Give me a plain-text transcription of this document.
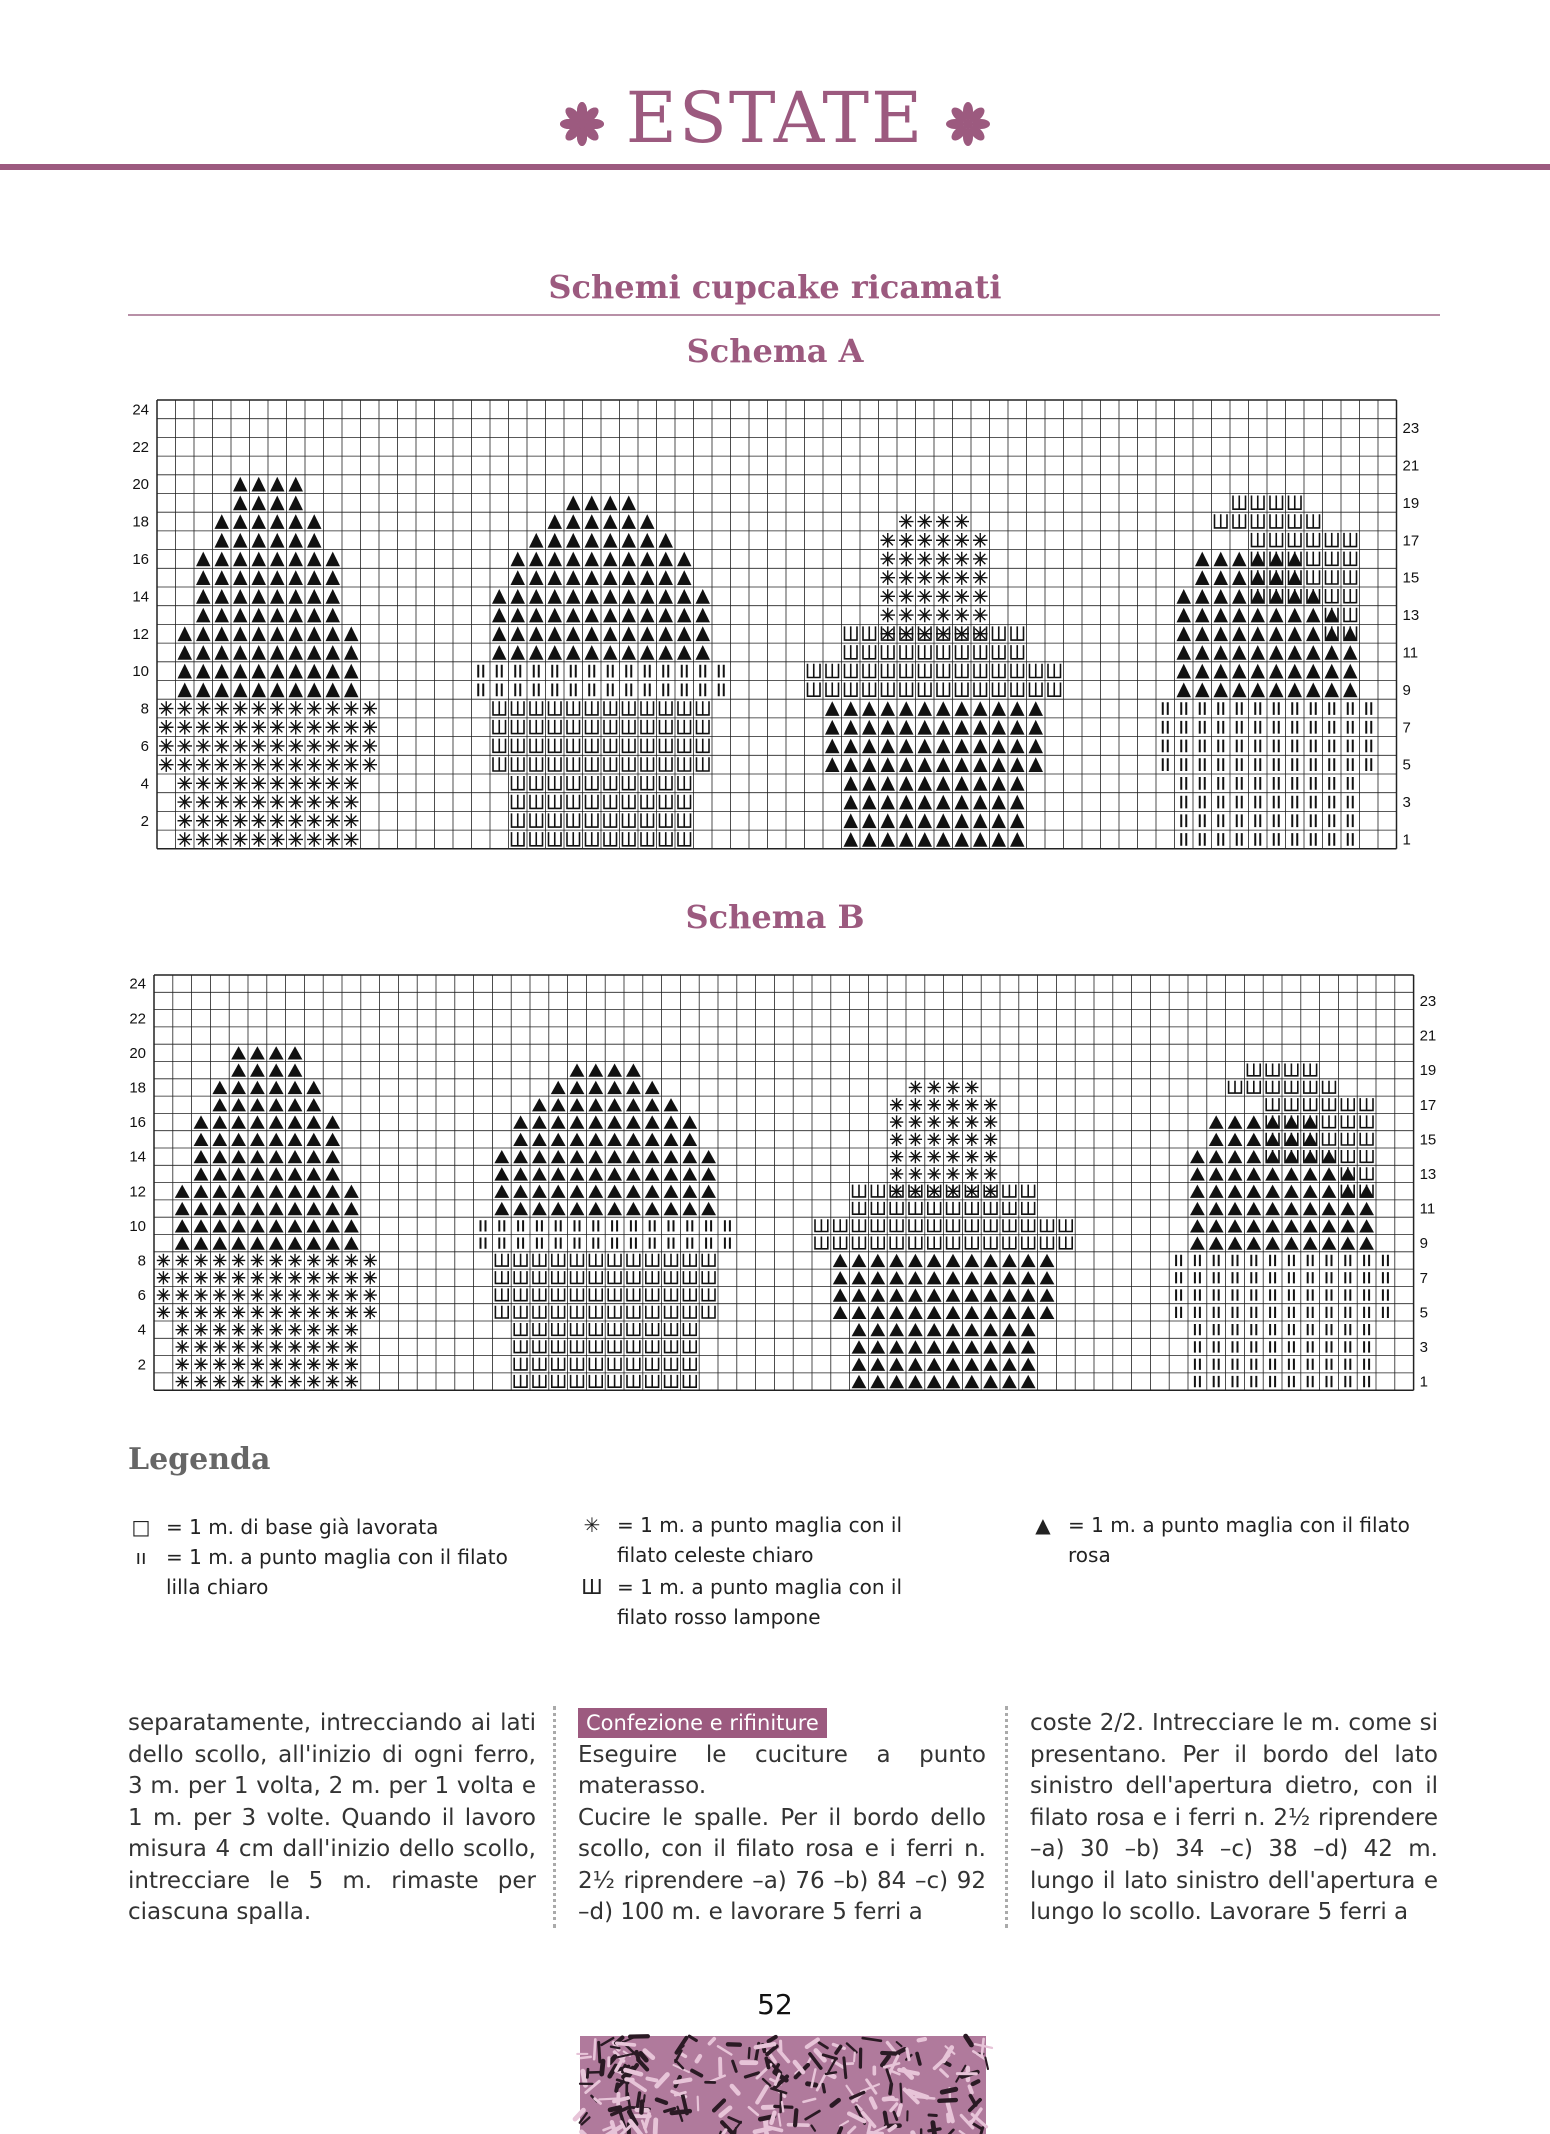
ESTATE
Schemi cupcake ricamati
Schema A
24
22
20
18
16
14
12
10
8
6
4
2
23
21
19
17
15
13
11
9
7
5
3
1
Schema B
24
22
20
18
16
14
12
10
8
6
4
2
23
21
19
17
15
13
11
9
7
5
3
1
Legenda
□ = 1 m. di base già lavorata
ıı = 1 m. a punto maglia con il filato lilla chiaro
✳ = 1 m. a punto maglia con il filato celeste chiaro
Ш = 1 m. a punto maglia con il filato rosso lampone
▲ = 1 m. a punto maglia con il filato rosa

separatamente, intrecciando ai lati dello scollo, all'inizio di ogni ferro, 3 m. per 1 volta, 2 m. per 1 volta e 1 m. per 3 volte. Quando il lavoro misura 4 cm dall'inizio dello scollo, intrecciare le 5 m. rimaste per ciascuna spalla.

Confezione e rifiniture

Eseguire le cuciture a punto materasso.

Cucire le spalle. Per il bordo dello scollo, con il filato rosa e i ferri n. 2½ riprendere –a) 76 –b) 84 –c) 92 –d) 100 m. e lavorare 5 ferri a

coste 2/2. Intrecciare le m. come si presentano. Per il bordo del lato sinistro dell'apertura dietro, con il filato rosa e i ferri n. 2½ riprendere –a) 30 –b) 34 –c) 38 –d) 42 m. lungo il lato sinistro dell'apertura e lungo lo scollo. Lavorare 5 ferri a

52
